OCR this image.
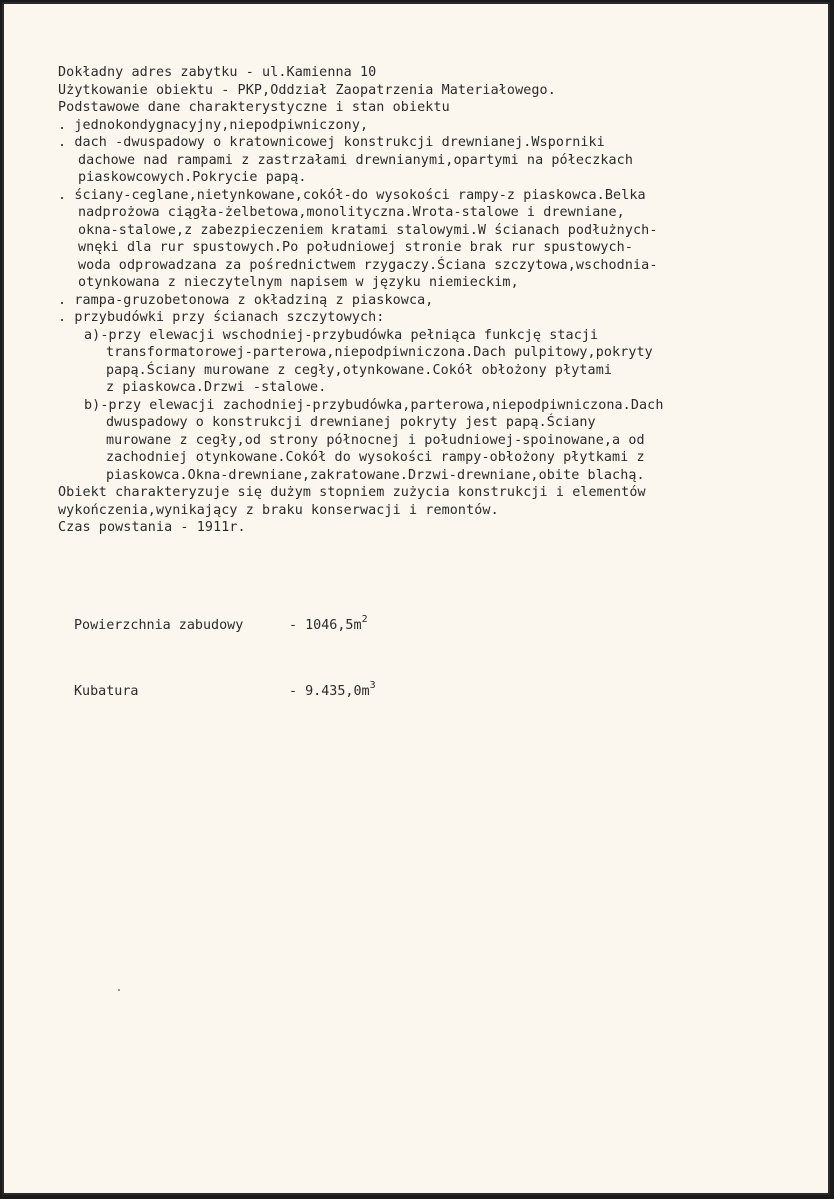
Dokładny adres zabytku - ul.Kamienna 10
Użytkowanie obiektu - PKP,Oddział Zaopatrzenia Materiałowego.
Podstawowe dane charakterystyczne i stan obiektu
. jednokondygnacyjny,niepodpiwniczony,
. dach -dwuspadowy o kratownicowej konstrukcji drewnianej.Wsporniki
dachowe nad rampami z zastrzałami drewnianymi,opartymi na półeczkach
piaskowcowych.Pokrycie papą.
. ściany-ceglane,nietynkowane,cokół-do wysokości rampy-z piaskowca.Belka
nadprożowa ciągła-żelbetowa,monolityczna.Wrota-stalowe i drewniane,
okna-stalowe,z zabezpieczeniem kratami stalowymi.W ścianach podłużnych-
wnęki dla rur spustowych.Po południowej stronie brak rur spustowych-
woda odprowadzana za pośrednictwem rzygaczy.Ściana szczytowa,wschodnia-
otynkowana z nieczytelnym napisem w języku niemieckim,
. rampa-gruzobetonowa z okładziną z piaskowca,
. przybudówki przy ścianach szczytowych:
a)-przy elewacji wschodniej-przybudówka pełniąca funkcję stacji
transformatorowej-parterowa,niepodpiwniczona.Dach pulpitowy,pokryty
papą.Ściany murowane z cegły,otynkowane.Cokół obłożony płytami
z piaskowca.Drzwi -stalowe.
b)-przy elewacji zachodniej-przybudówka,parterowa,niepodpiwniczona.Dach
dwuspadowy o konstrukcji drewnianej pokryty jest papą.Ściany
murowane z cegły,od strony północnej i południowej-spoinowane,a od
zachodniej otynkowane.Cokół do wysokości rampy-obłożony płytkami z
piaskowca.Okna-drewniane,zakratowane.Drzwi-drewniane,obite blachą.
Obiekt charakteryzuje się dużym stopniem zużycia konstrukcji i elementów
wykończenia,wynikający z braku konserwacji i remontów.
Czas powstania - 1911r.

Powierzchnia zabudowy	- $1046,5m^2$

Kubatura	- $9.435,0m^3$
